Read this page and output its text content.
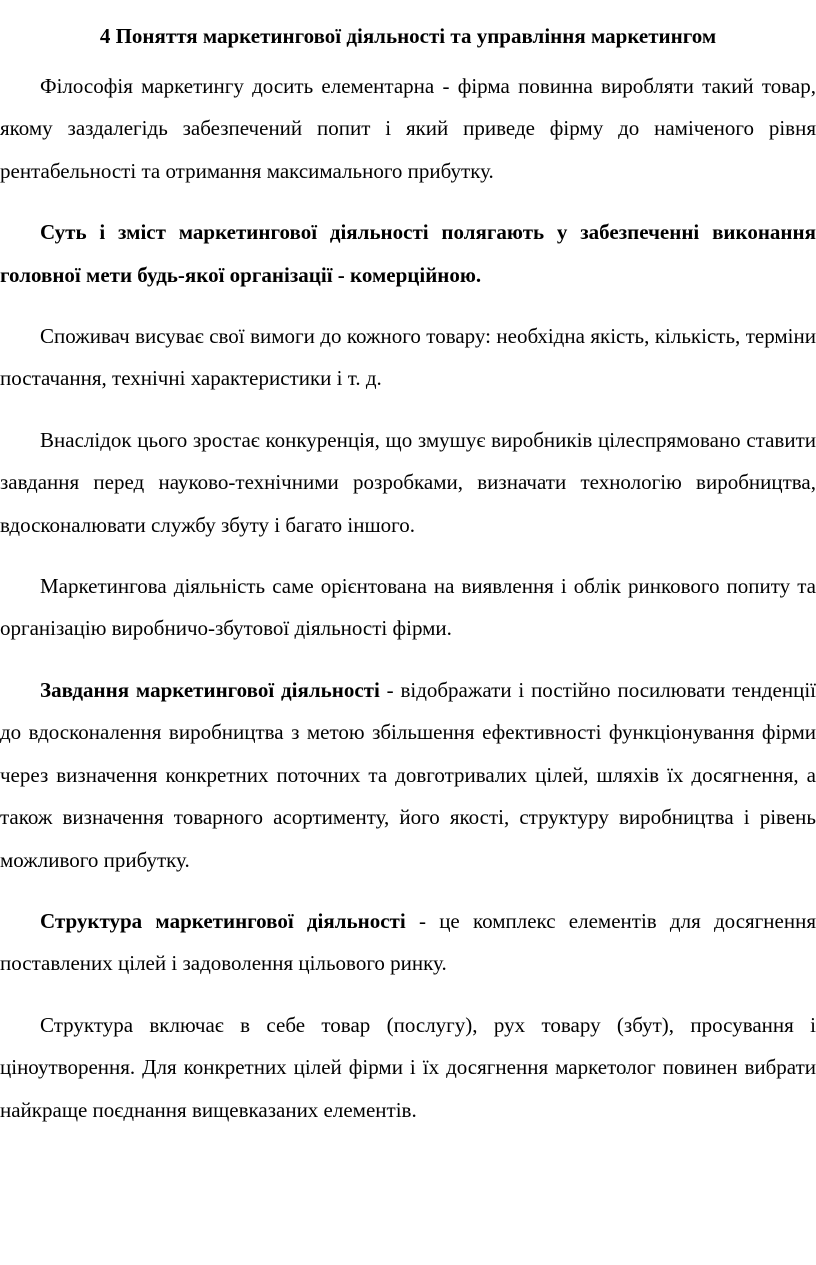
4 Поняття маркетингової діяльності та управління маркетингом

Філософія маркетингу досить елементарна - фірма повинна виробляти такий товар, якому заздалегідь забезпечений попит і який приведе фірму до наміченого рівня рентабельності та отримання максимального прибутку.

Суть і зміст маркетингової діяльності полягають у забезпеченні виконання головної мети будь-якої організації - комерційною.

Споживач висуває свої вимоги до кожного товару: необхідна якість, кількість, терміни постачання, технічні характеристики і т. д.

Внаслідок цього зростає конкуренція, що змушує виробників цілеспрямовано ставити завдання перед науково-технічними розробками, визначати технологію виробництва, вдосконалювати службу збуту і багато іншого.

Маркетингова діяльність саме орієнтована на виявлення і облік ринкового попиту та організацію виробничо-збутової діяльності фірми.

Завдання маркетингової діяльності - відображати і постійно посилювати тенденції до вдосконалення виробництва з метою збільшення ефективності функціонування фірми через визначення конкретних поточних та довготривалих цілей, шляхів їх досягнення, а також визначення товарного асортименту, його якості, структуру виробництва і рівень можливого прибутку.

Структура маркетингової діяльності - це комплекс елементів для досягнення поставлених цілей і задоволення цільового ринку.

Структура включає в себе товар (послугу), рух товару (збут), просування і ціноутворення. Для конкретних цілей фірми і їх досягнення маркетолог повинен вибрати найкраще поєднання вищевказаних елементів.
